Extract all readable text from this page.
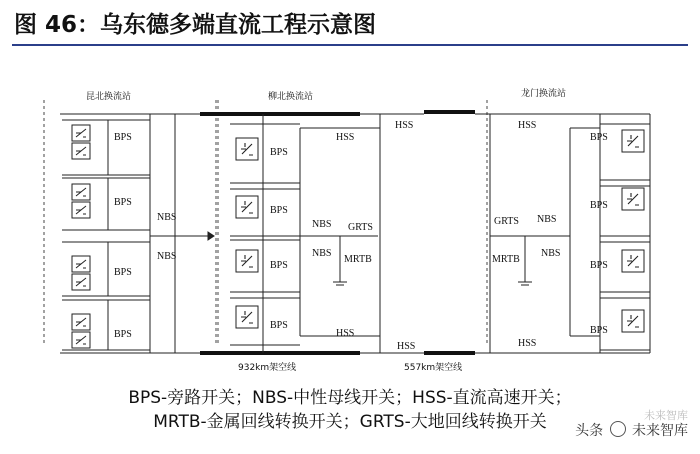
图 46：乌东德多端直流工程示意图
昆北换流站	柳北换流站	龙门换流站
BPS
BPS
BPS
BPS
NBS
NBS
BPS
BPS
BPS
BPS
HSS
HSS
NBS
NBS
GRTS
MRTB
HSS
HSS
HSS
HSS
GRTS NBS
NBS
MRTB
BPS
BPS
BPS
BPS
932km架空线	557km架空线
BPS-旁路开关；NBS-中性母线开关；HSS-直流高速开关；
MRTB-金属回线转换开关；GRTS-大地回线转换开关	未来智库
头条 未来智库
